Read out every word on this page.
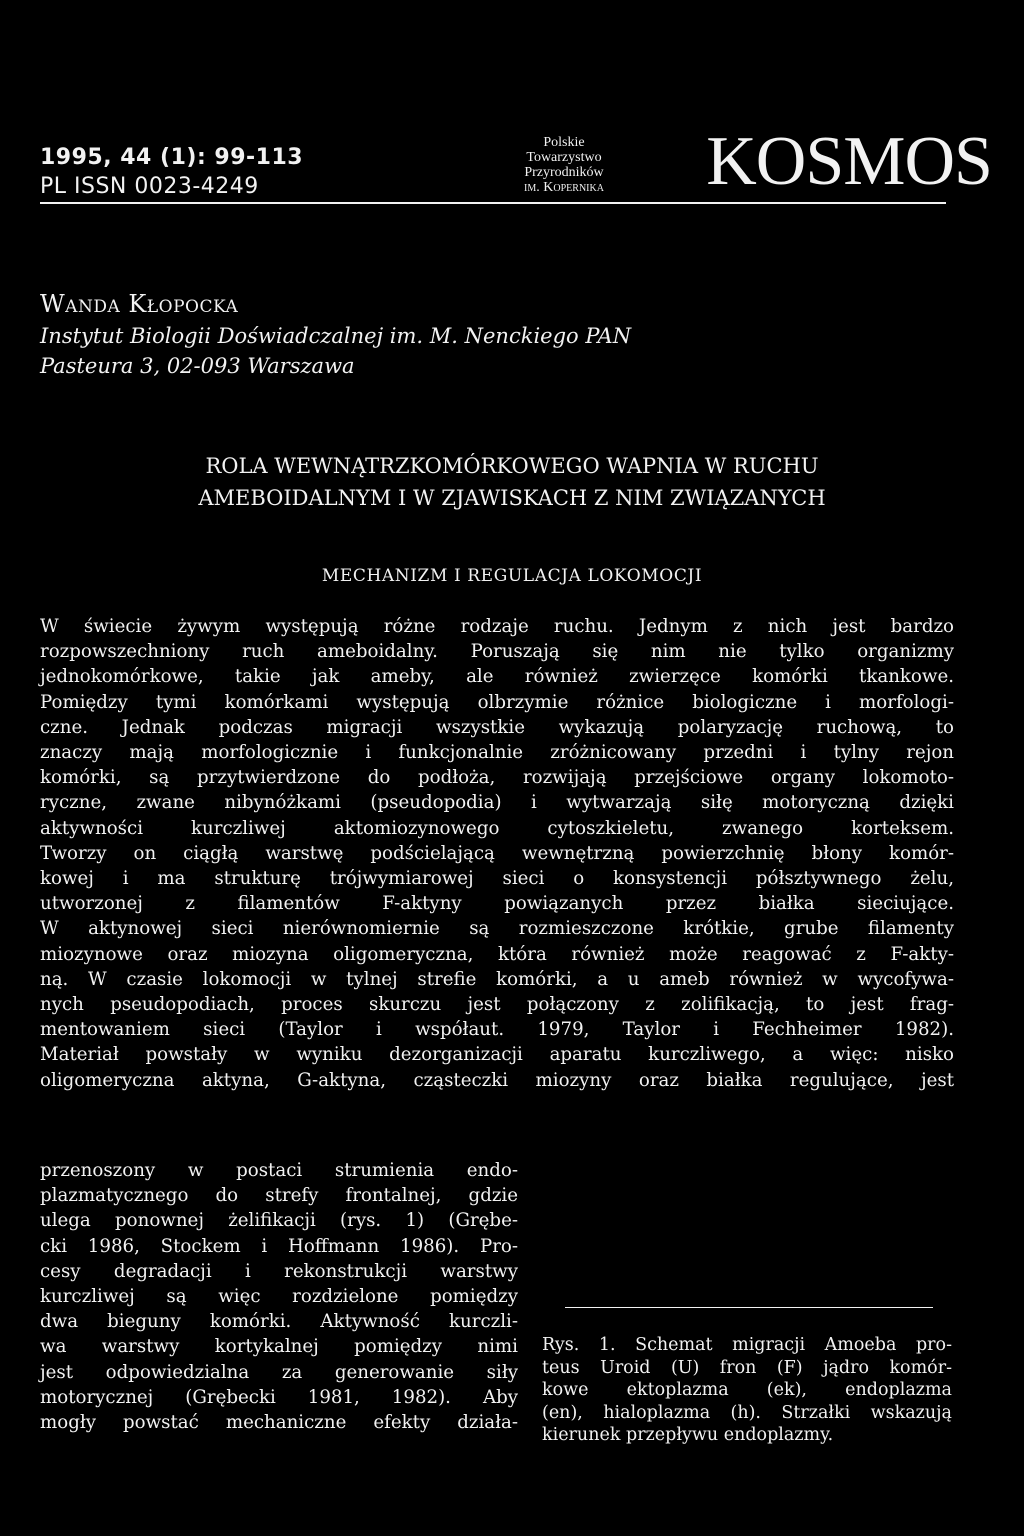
1995, 44 (1): 99-113
PL ISSN 0023-4249
Polskie
Towarzystwo
Przyrodników
im. Kopernika	KOSMOS
Wanda Kłopocka
Instytut Biologii Doświadczalnej im. M. Nenckiego PAN
Pasteura 3, 02-093 Warszawa
ROLA WEWNĄTRZKOMÓRKOWEGO WAPNIA W RUCHU
AMEBOIDALNYM I W ZJAWISKACH Z NIM ZWIĄZANYCH
MECHANIZM I REGULACJA LOKOMOCJI
W świecie żywym występują różne rodzaje ruchu. Jednym z nich jest bardzo
rozpowszechniony ruch ameboidalny. Poruszają się nim nie tylko organizmy
jednokomórkowe, takie jak ameby, ale również zwierzęce komórki tkankowe.
Pomiędzy tymi komórkami występują olbrzymie różnice biologiczne i morfologi-
czne. Jednak podczas migracji wszystkie wykazują polaryzację ruchową, to
znaczy mają morfologicznie i funkcjonalnie zróżnicowany przedni i tylny rejon
komórki, są przytwierdzone do podłoża, rozwijają przejściowe organy lokomoto-
ryczne, zwane nibynóżkami (pseudopodia) i wytwarzają siłę motoryczną dzięki
aktywności kurczliwej aktomiozynowego cytoszkieletu, zwanego korteksem.
Tworzy on ciągłą warstwę podścielającą wewnętrzną powierzchnię błony komór-
kowej i ma strukturę trójwymiarowej sieci o konsystencji półsztywnego żelu,
utworzonej z filamentów F-aktyny powiązanych przez białka sieciujące.
W aktynowej sieci nierównomiernie są rozmieszczone krótkie, grube filamenty
miozynowe oraz miozyna oligomeryczna, która również może reagować z F-akty-
ną. W czasie lokomocji w tylnej strefie komórki, a u ameb również w wycofywa-
nych pseudopodiach, proces skurczu jest połączony z zolifikacją, to jest frag-
mentowaniem sieci (Taylor i współaut. 1979, Taylor i Fechheimer 1982).
Materiał powstały w wyniku dezorganizacji aparatu kurczliwego, a więc: nisko
oligomeryczna aktyna, G-aktyna, cząsteczki miozyny oraz białka regulujące, jest
przenoszony w postaci strumienia endo-
plazmatycznego do strefy frontalnej, gdzie
ulega ponownej żelifikacji (rys. 1) (Grębe-
cki 1986, Stockem i Hoffmann 1986). Pro-
cesy degradacji i rekonstrukcji warstwy
kurczliwej są więc rozdzielone pomiędzy
dwa bieguny komórki. Aktywność kurczli-
wa warstwy kortykalnej pomiędzy nimi
jest odpowiedzialna za generowanie siły
motorycznej (Grębecki 1981, 1982). Aby
mogły powstać mechaniczne efekty działa-
Rys. 1. Schemat migracji Amoeba pro-
teus Uroid (U) fron (F) jądro komór-
kowe ektoplazma (ek), endoplazma
(en), hialoplazma (h). Strzałki wskazują
kierunek przepływu endoplazmy.
